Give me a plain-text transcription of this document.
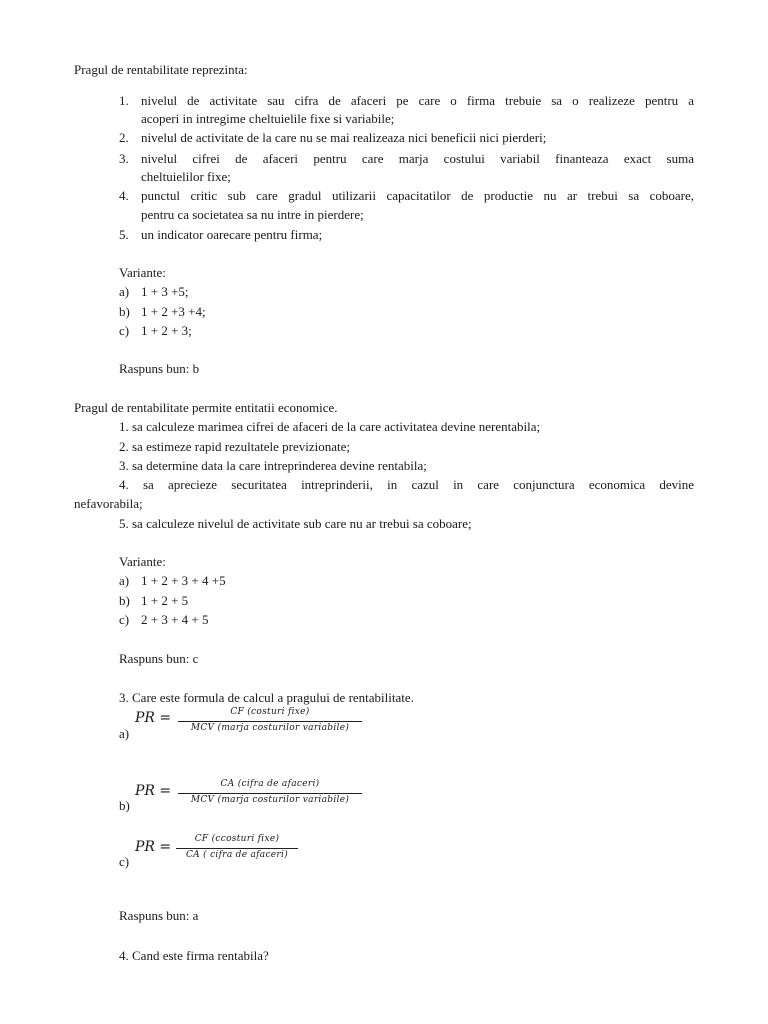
Pragul de rentabilitate reprezinta:
1. nivelul de activitate sau cifra de afaceri pe care o firma trebuie sa o realizeze pentru a
acoperi in intregime cheltuielile fixe si variabile;
2. nivelul de activitate de la care nu se mai realizeaza nici beneficii nici pierderi;
3. nivelul cifrei de afaceri pentru care marja costului variabil finanteaza exact suma
cheltuielilor fixe;
4. punctul critic sub care gradul utilizarii capacitatilor de productie nu ar trebui sa coboare,
pentru ca societatea sa nu intre in pierdere;
5. un indicator oarecare pentru firma;
Variante:
a) 1 + 3 +5;
b) 1 + 2 +3 +4;
c) 1 + 2 + 3;
Raspuns bun: b
Pragul de rentabilitate permite entitatii economice.
1. sa calculeze marimea cifrei de afaceri de la care activitatea devine nerentabila;
2. sa estimeze rapid rezultatele previzionate;
3. sa determine data la care intreprinderea devine rentabila;
4. sa aprecieze securitatea intreprinderii, in cazul in care conjunctura economica devine
nefavorabila;
5. sa calculeze nivelul de activitate sub care nu ar trebui sa coboare;
Variante:
a) 1 + 2 + 3 + 4 +5
b) 1 + 2 + 5
c) 2 + 3 + 4 + 5
Raspuns bun: c
3. Care este formula de calcul a pragului de rentabilitate.
a)
PR =	CF (costuri fixe)
MCV (marja costurilor variabile)
b)
PR =	CA (cifra de afaceri)
MCV (marja costurilor variabile)
c)
PR =	CF (ccosturi fixe)
CA ( cifra de afaceri)
Raspuns bun: a
4. Cand este firma rentabila?
